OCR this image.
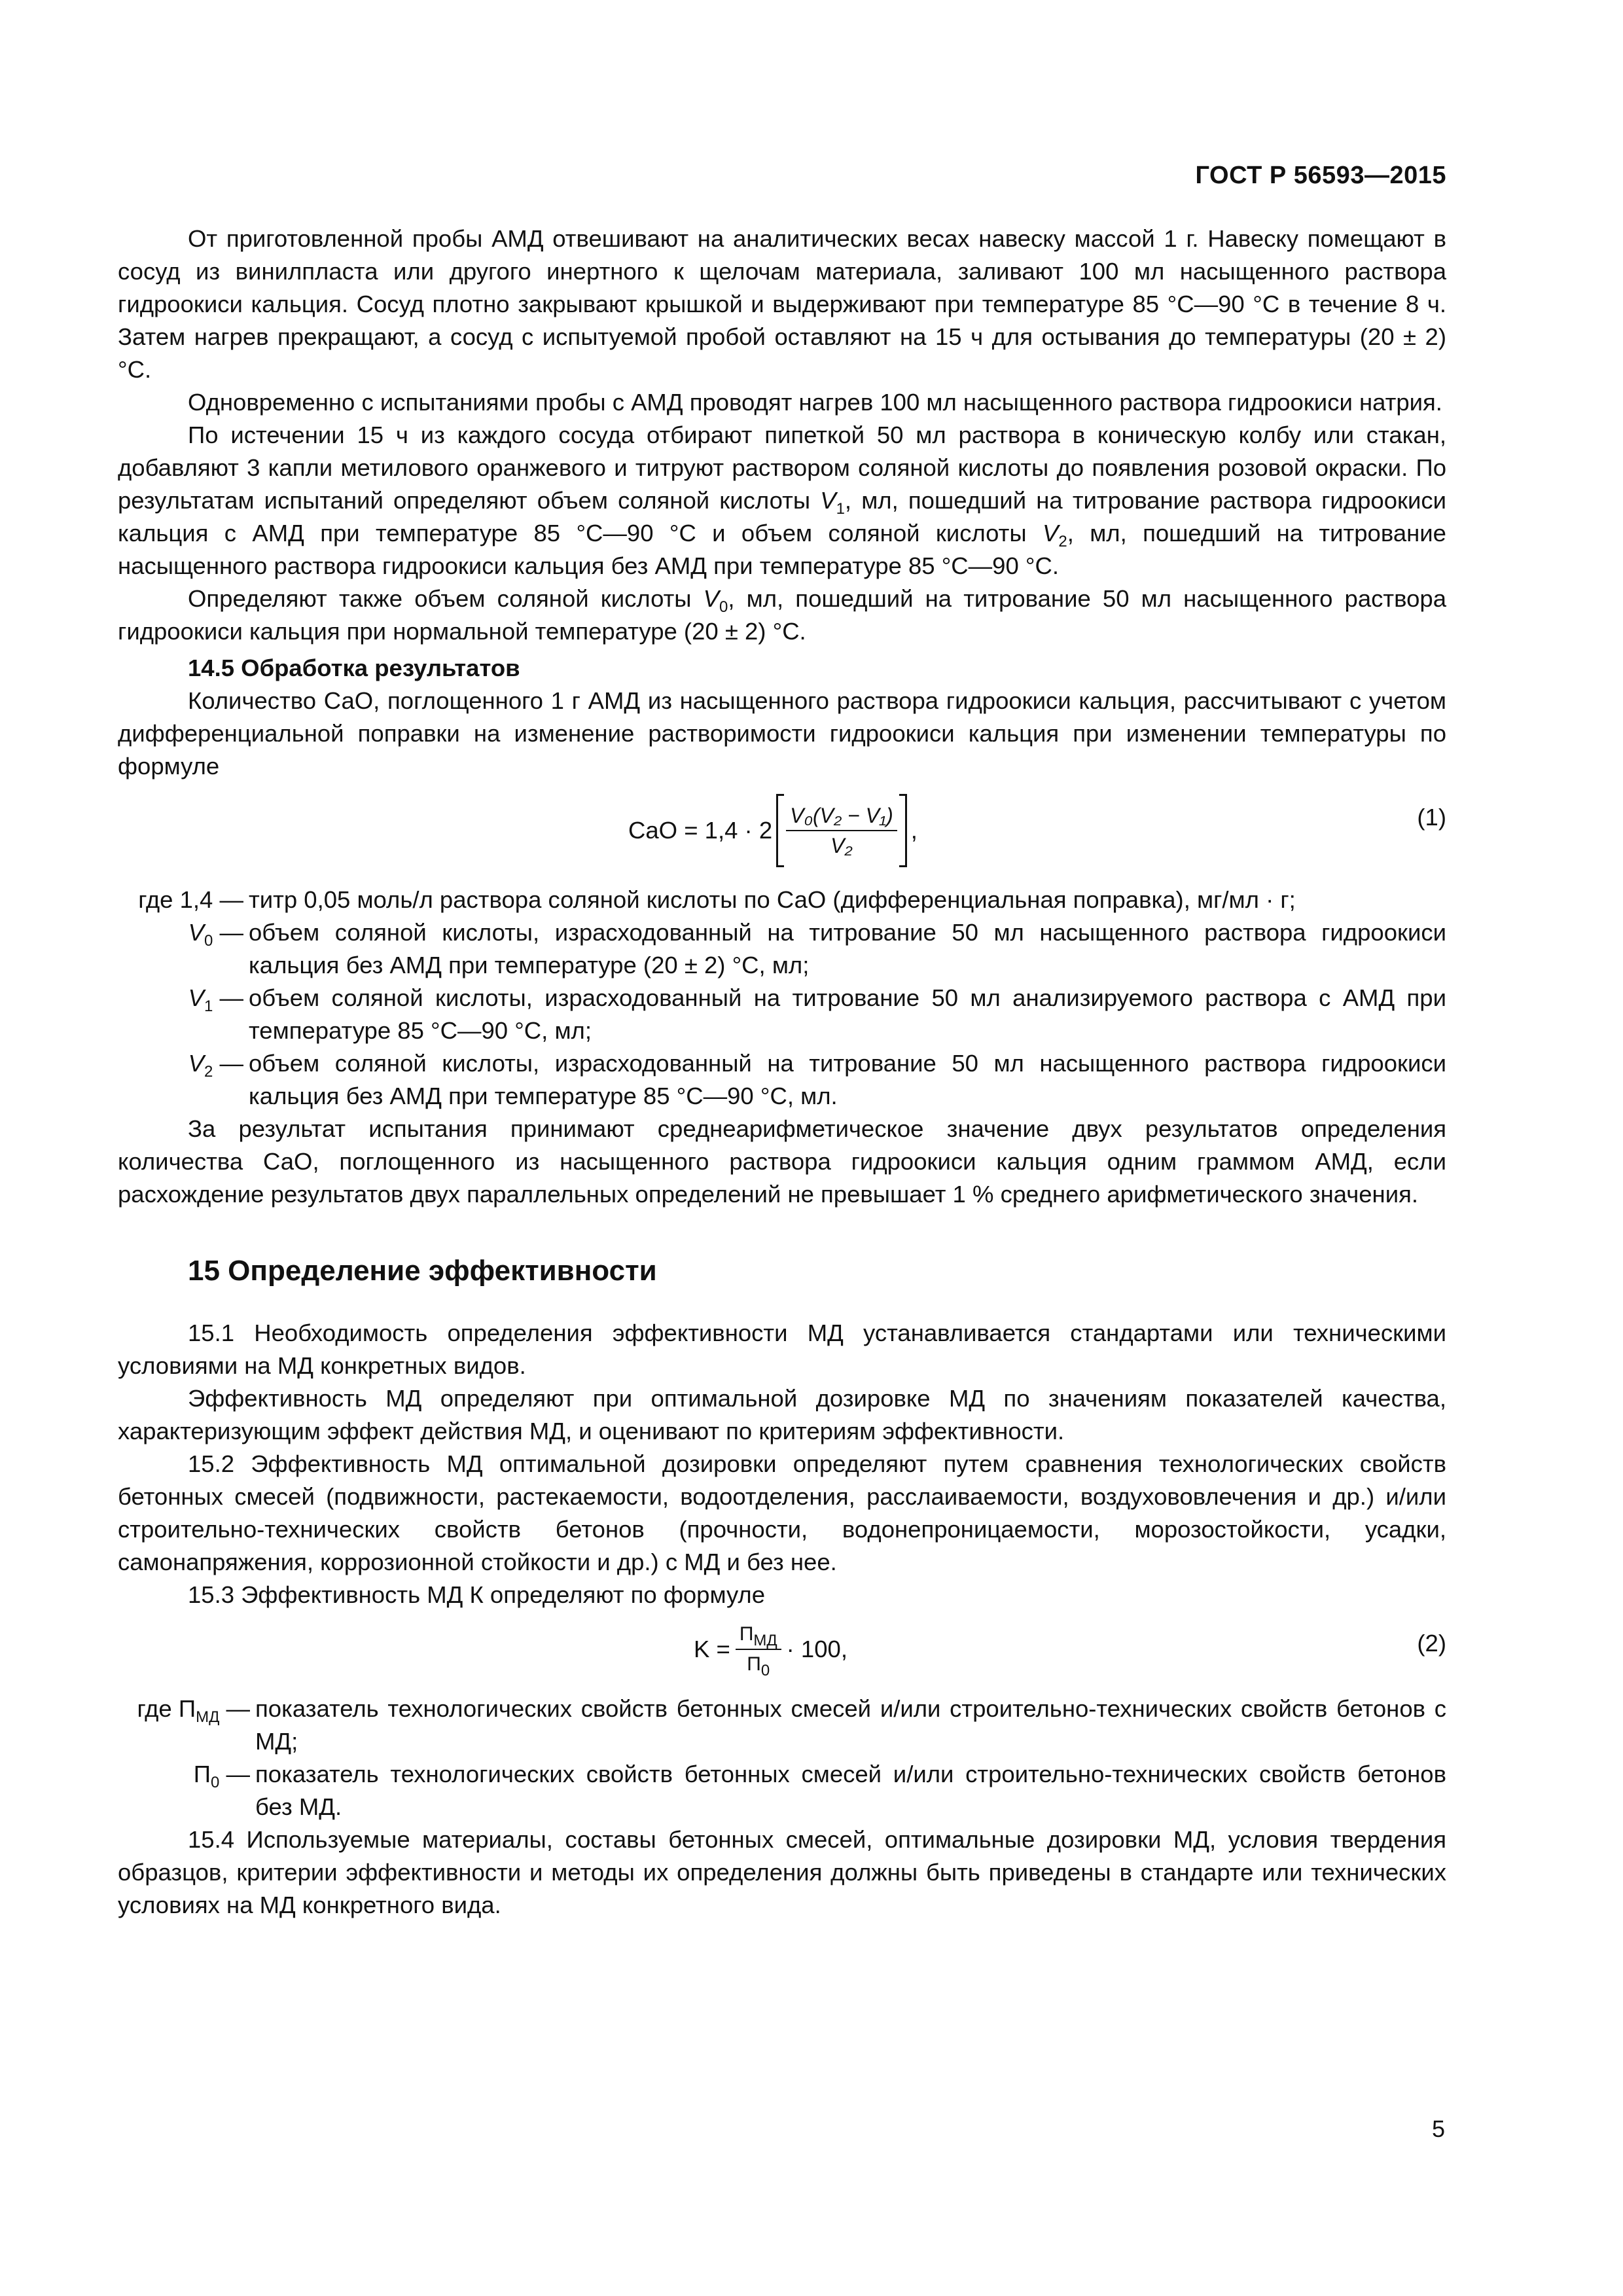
ГОСТ Р 56593—2015

От приготовленной пробы АМД отвешивают на аналитических весах навеску массой 1 г. Навеску помещают в сосуд из винилпласта или другого инертного к щелочам материала, заливают 100 мл насыщенного раствора гидроокиси кальция. Сосуд плотно закрывают крышкой и выдерживают при температуре 85 °С—90 °С в течение 8 ч. Затем нагрев прекращают, а сосуд с испытуемой пробой оставляют на 15 ч для остывания до температуры (20 ± 2) °С.

Одновременно с испытаниями пробы с АМД проводят нагрев 100 мл насыщенного раствора гидроокиси натрия.

По истечении 15 ч из каждого сосуда отбирают пипеткой 50 мл раствора в коническую колбу или стакан, добавляют 3 капли метилового оранжевого и титруют раствором соляной кислоты до появления розовой окраски. По результатам испытаний определяют объем соляной кислоты $V_1$, мл, пошедший на титрование раствора гидроокиси кальция с АМД при температуре 85 °С—90 °С и объем соляной кислоты $V_2$, мл, пошедший на титрование насыщенного раствора гидроокиси кальция без АМД при температуре 85 °С—90 °С.

Определяют также объем соляной кислоты $V_0$, мл, пошедший на титрование 50 мл насыщенного раствора гидроокиси кальция при нормальной температуре (20 ± 2) °С.

14.5 Обработка результатов

Количество СаО, поглощенного 1 г АМД из насыщенного раствора гидроокиси кальция, рассчитывают с учетом дифференциальной поправки на изменение растворимости гидроокиси кальция при изменении температуры по формуле

CaO = $1,4 \cdot 2 \frac{\text{V₀(V₂ − V₁)}}{\text{V₂}}$ ,	(1)
где 1,4 — титр 0,05 моль/л раствора соляной кислоты по СаО (дифференциальная поправка), мг/мл · г;
$V_0$ — объем соляной кислоты, израсходованный на титрование 50 мл насыщенного раствора гидроокиси кальция без АМД при температуре (20 ± 2) °С, мл;
$V_1$ — объем соляной кислоты, израсходованный на титрование 50 мл анализируемого раствора с АМД при температуре 85 °С—90 °С, мл;
$V_2$ — объем соляной кислоты, израсходованный на титрование 50 мл насыщенного раствора гидроокиси кальция без АМД при температуре 85 °С—90 °С, мл.

За результат испытания принимают среднеарифметическое значение двух результатов определения количества СаО, поглощенного из насыщенного раствора гидроокиси кальция одним граммом АМД, если расхождение результатов двух параллельных определений не превышает 1 % среднего арифметического значения.

15 Определение эффективности

15.1 Необходимость определения эффективности МД устанавливается стандартами или техническими условиями на МД конкретных видов.

Эффективность МД определяют при оптимальной дозировке МД по значениям показателей качества, характеризующим эффект действия МД, и оценивают по критериям эффективности.

15.2 Эффективность МД оптимальной дозировки определяют путем сравнения технологических свойств бетонных смесей (подвижности, растекаемости, водоотделения, расслаиваемости, воздухововлечения и др.) и/или строительно-технических свойств бетонов (прочности, водонепроницаемости, морозостойкости, усадки, самонапряжения, коррозионной стойкости и др.) с МД и без нее.

15.3 Эффективность МД К определяют по формуле

$K = \frac{П_{МД}}{П_0} \cdot 100$,	(2)
где $П_{МД}$ — показатель технологических свойств бетонных смесей и/или строительно-технических свойств бетонов с МД;
$П_0$ — показатель технологических свойств бетонных смесей и/или строительно-технических свойств бетонов без МД.

15.4 Используемые материалы, составы бетонных смесей, оптимальные дозировки МД, условия твердения образцов, критерии эффективности и методы их определения должны быть приведены в стандарте или технических условиях на МД конкретного вида.

5
